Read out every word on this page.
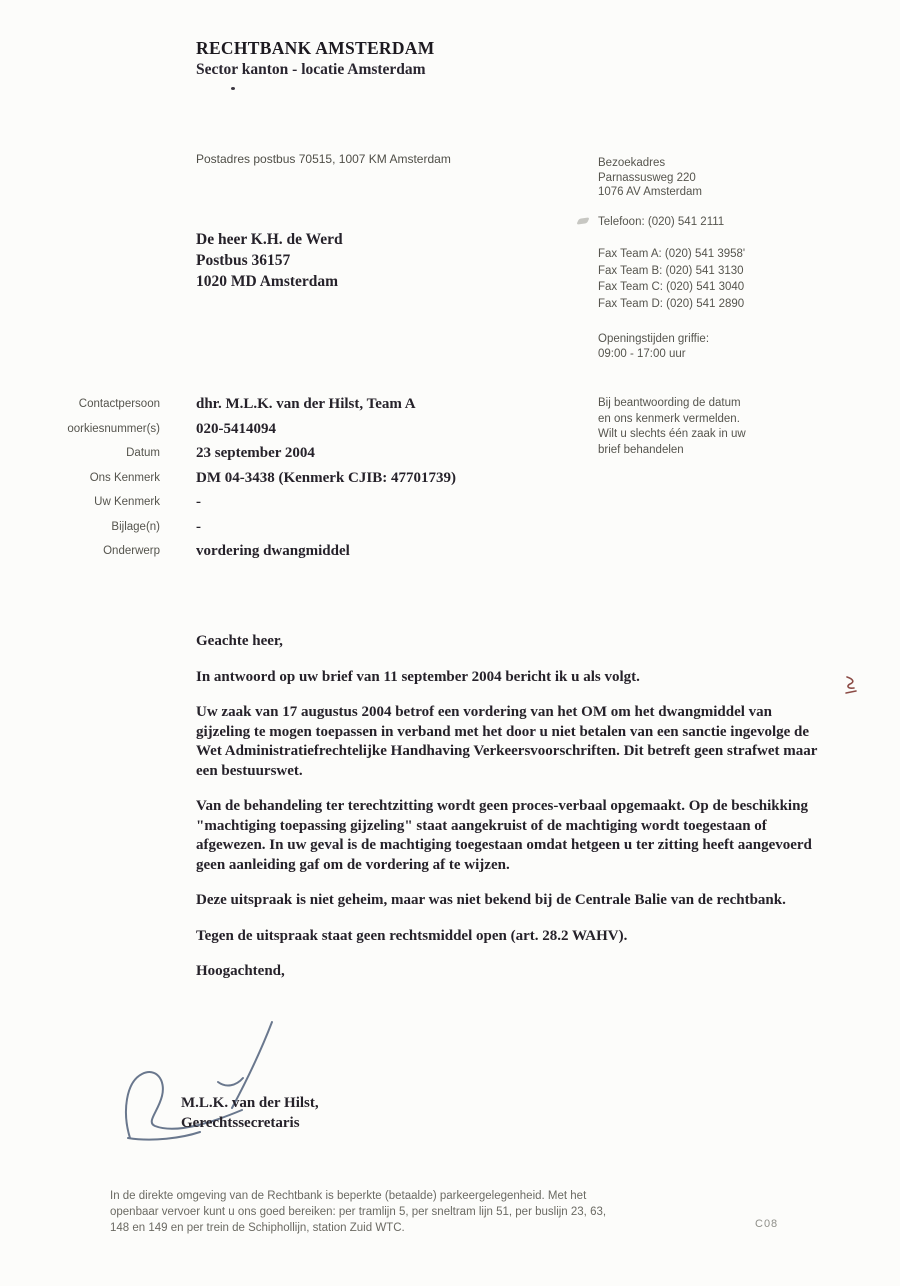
RECHTBANK AMSTERDAM
Sector kanton - locatie Amsterdam
Postadres postbus 70515, 1007 KM Amsterdam
De heer K.H. de Werd
Postbus 36157
1020 MD Amsterdam
Bezoekadres
Parnassusweg 220
1076 AV Amsterdam
Telefoon: (020) 541 2111
Fax Team A: (020) 541 3958'
Fax Team B: (020) 541 3130
Fax Team C: (020) 541 3040
Fax Team D: (020) 541 2890
Openingstijden griffie:
09:00 - 17:00 uur
Contactpersoon dhr. M.L.K. van der Hilst, Team A
oorkiesnummer(s) 020-5414094
Datum 23 september 2004
Ons Kenmerk DM 04-3438 (Kenmerk CJIB: 47701739)
Uw Kenmerk -
Bijlage(n) -
Onderwerp vordering dwangmiddel
Bij beantwoording de datum
en ons kenmerk vermelden.
Wilt u slechts één zaak in uw
brief behandelen

Geachte heer,

In antwoord op uw brief van 11 september 2004 bericht ik u als volgt.

Uw zaak van 17 augustus 2004 betrof een vordering van het OM om het dwangmiddel van gijzeling te mogen toepassen in verband met het door u niet betalen van een sanctie ingevolge de Wet Administratiefrechtelijke Handhaving Verkeersvoorschriften. Dit betreft geen strafwet maar een bestuurswet.

Van de behandeling ter terechtzitting wordt geen proces-verbaal opgemaakt. Op de beschikking "machtiging toepassing gijzeling" staat aangekruist of de machtiging wordt toegestaan of afgewezen. In uw geval is de machtiging toegestaan omdat hetgeen u ter zitting heeft aangevoerd geen aanleiding gaf om de vordering af te wijzen.

Deze uitspraak is niet geheim, maar was niet bekend bij de Centrale Balie van de rechtbank.

Tegen de uitspraak staat geen rechtsmiddel open (art. 28.2 WAHV).

Hoogachtend,

M.L.K. van der Hilst,
Gerechtssecretaris
In de direkte omgeving van de Rechtbank is beperkte (betaalde) parkeergelegenheid. Met het
openbaar vervoer kunt u ons goed bereiken: per tramlijn 5, per sneltram lijn 51, per buslijn 23, 63,
148 en 149 en per trein de Schiphollijn, station Zuid WTC.	C08
